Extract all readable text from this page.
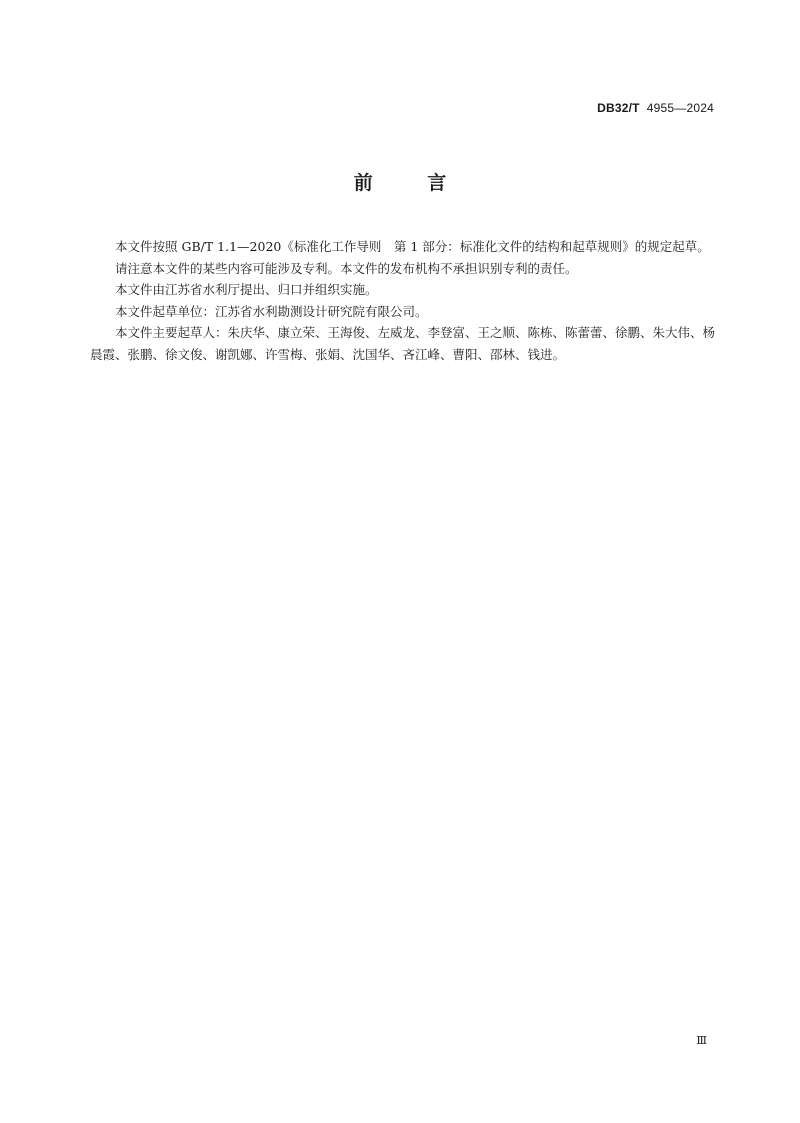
DB32/T 4955—2024
前 言

本文件按照 GB/T 1.1—2020《标准化工作导则　第 1 部分：标准化文件的结构和起草规则》的规定起草。

请注意本文件的某些内容可能涉及专利。本文件的发布机构不承担识别专利的责任。

本文件由江苏省水利厅提出、归口并组织实施。

本文件起草单位：江苏省水利勘测设计研究院有限公司。

本文件主要起草人：朱庆华、康立荣、王海俊、左威龙、李登富、王之顺、陈栋、陈蕾蕾、徐鹏、朱大伟、杨晨霞、张鹏、徐文俊、谢凯娜、许雪梅、张娟、沈国华、吝江峰、曹阳、邵林、钱进。

Ⅲ
